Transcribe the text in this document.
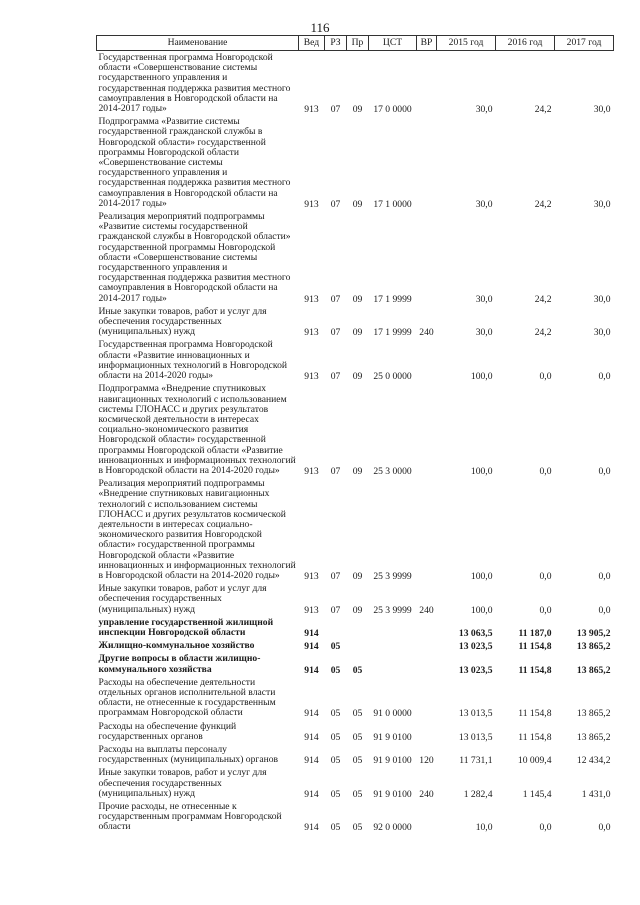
116
Наименование	Вед	РЗ	Пр	ЦСТ	ВР	2015 год	2016 год	2017 год
Государственная программа Новгородской области «Совершенствование системы государственного управления и государственная поддержка развития местного самоуправления в Новгородской области на 2014-2017 годы»	913	07	09	17 0 0000		30,0	24,2	30,0
Подпрограмма «Развитие системы государственной гражданской службы в Новгородской области» государственной программы Новгородской области «Совершенствование системы государственного управления и государственная поддержка развития местного самоуправления в Новгородской области на 2014-2017 годы»	913	07	09	17 1 0000		30,0	24,2	30,0
Реализация мероприятий подпрограммы «Развитие системы государственной гражданской службы в Новгородской области» государственной программы Новгородской области «Совершенствование системы государственного управления и государственная поддержка развития местного самоуправления в Новгородской области на 2014-2017 годы»	913	07	09	17 1 9999		30,0	24,2	30,0
Иные закупки товаров, работ и услуг для обеспечения государственных (муниципальных) нужд	913	07	09	17 1 9999	240	30,0	24,2	30,0
Государственная программа Новгородской области «Развитие инновационных и информационных технологий в Новгородской области на 2014-2020 годы»	913	07	09	25 0 0000		100,0	0,0	0,0
Подпрограмма «Внедрение спутниковых навигационных технологий с использованием системы ГЛОНАСС и других результатов космической деятельности в интересах социально-экономического развития Новгородской области» государственной программы Новгородской области «Развитие инновационных и информационных технологий в Новгородской области на 2014-2020 годы»	913	07	09	25 3 0000		100,0	0,0	0,0
Реализация мероприятий подпрограммы «Внедрение спутниковых навигационных технологий с использованием системы ГЛОНАСС и других результатов космической деятельности в интересах социально-экономического развития Новгородской области» государственной программы Новгородской области «Развитие инновационных и информационных технологий в Новгородской области на 2014-2020 годы»	913	07	09	25 3 9999		100,0	0,0	0,0
Иные закупки товаров, работ и услуг для обеспечения государственных (муниципальных) нужд	913	07	09	25 3 9999	240	100,0	0,0	0,0
управление государственной жилищной инспекции Новгородской области	914					13 063,5	11 187,0	13 905,2
Жилищно-коммунальное хозяйство	914	05				13 023,5	11 154,8	13 865,2
Другие вопросы в области жилищно-коммунального хозяйства	914	05	05			13 023,5	11 154,8	13 865,2
Расходы на обеспечение деятельности отдельных органов исполнительной власти области, не отнесенные к государственным программам Новгородской области	914	05	05	91 0 0000		13 013,5	11 154,8	13 865,2
Расходы на обеспечение функций государственных органов	914	05	05	91 9 0100		13 013,5	11 154,8	13 865,2
Расходы на выплаты персоналу государственных (муниципальных) органов	914	05	05	91 9 0100	120	11 731,1	10 009,4	12 434,2
Иные закупки товаров, работ и услуг для обеспечения государственных (муниципальных) нужд	914	05	05	91 9 0100	240	1 282,4	1 145,4	1 431,0
Прочие расходы, не отнесенные к государственным программам Новгородской области	914	05	05	92 0 0000		10,0	0,0	0,0
